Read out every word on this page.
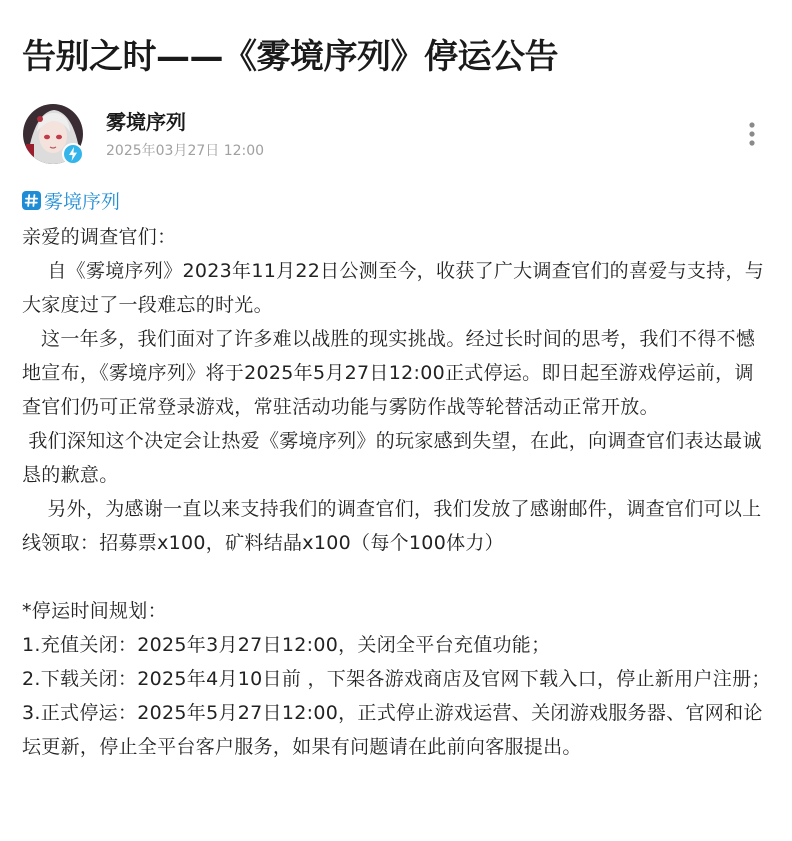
告别之时——《雾境序列》停运公告
雾境序列
2025年03月27日 12:00
雾境序列

亲爱的调查官们：

自《雾境序列》2023年11月22日公测至今，收获了广大调查官们的喜爱与支持，与大家度过了一段难忘的时光。

这一年多，我们面对了许多难以战胜的现实挑战。经过长时间的思考，我们不得不憾地宣布，《雾境序列》将于2025年5月27日12:00正式停运。即日起至游戏停运前，调查官们仍可正常登录游戏，常驻活动功能与雾防作战等轮替活动正常开放。

我们深知这个决定会让热爱《雾境序列》的玩家感到失望，在此，向调查官们表达最诚恳的歉意。

另外，为感谢一直以来支持我们的调查官们，我们发放了感谢邮件，调查官们可以上线领取：招募票x100，矿料结晶x100（每个100体力）

*停运时间规划：

1.充值关闭：2025年3月27日12:00，关闭全平台充值功能；

2.下载关闭：2025年4月10日前 ，下架各游戏商店及官网下载入口，停止新用户注册；

3.正式停运：2025年5月27日12:00，正式停止游戏运营、关闭游戏服务器、官网和论坛更新，停止全平台客户服务，如果有问题请在此前向客服提出。
